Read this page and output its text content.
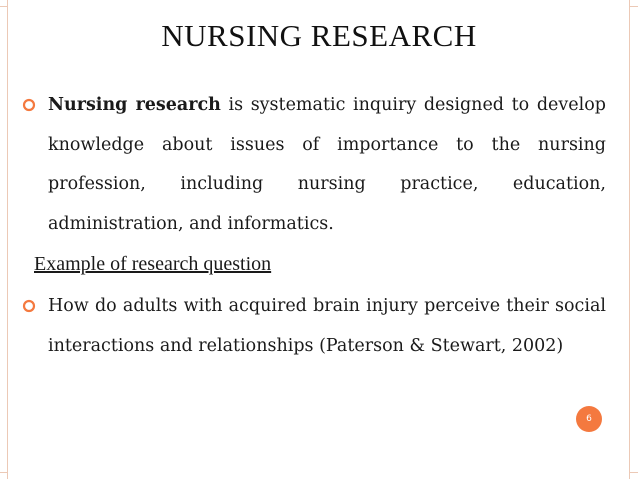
NURSING RESEARCH
Nursing research is systematic inquiry designed to develop knowledge about issues of importance to the nursing profession, including nursing practice, education, administration, and informatics.
Example of research question
How do adults with acquired brain injury perceive their social interactions and relationships (Paterson & Stewart, 2002)
6
